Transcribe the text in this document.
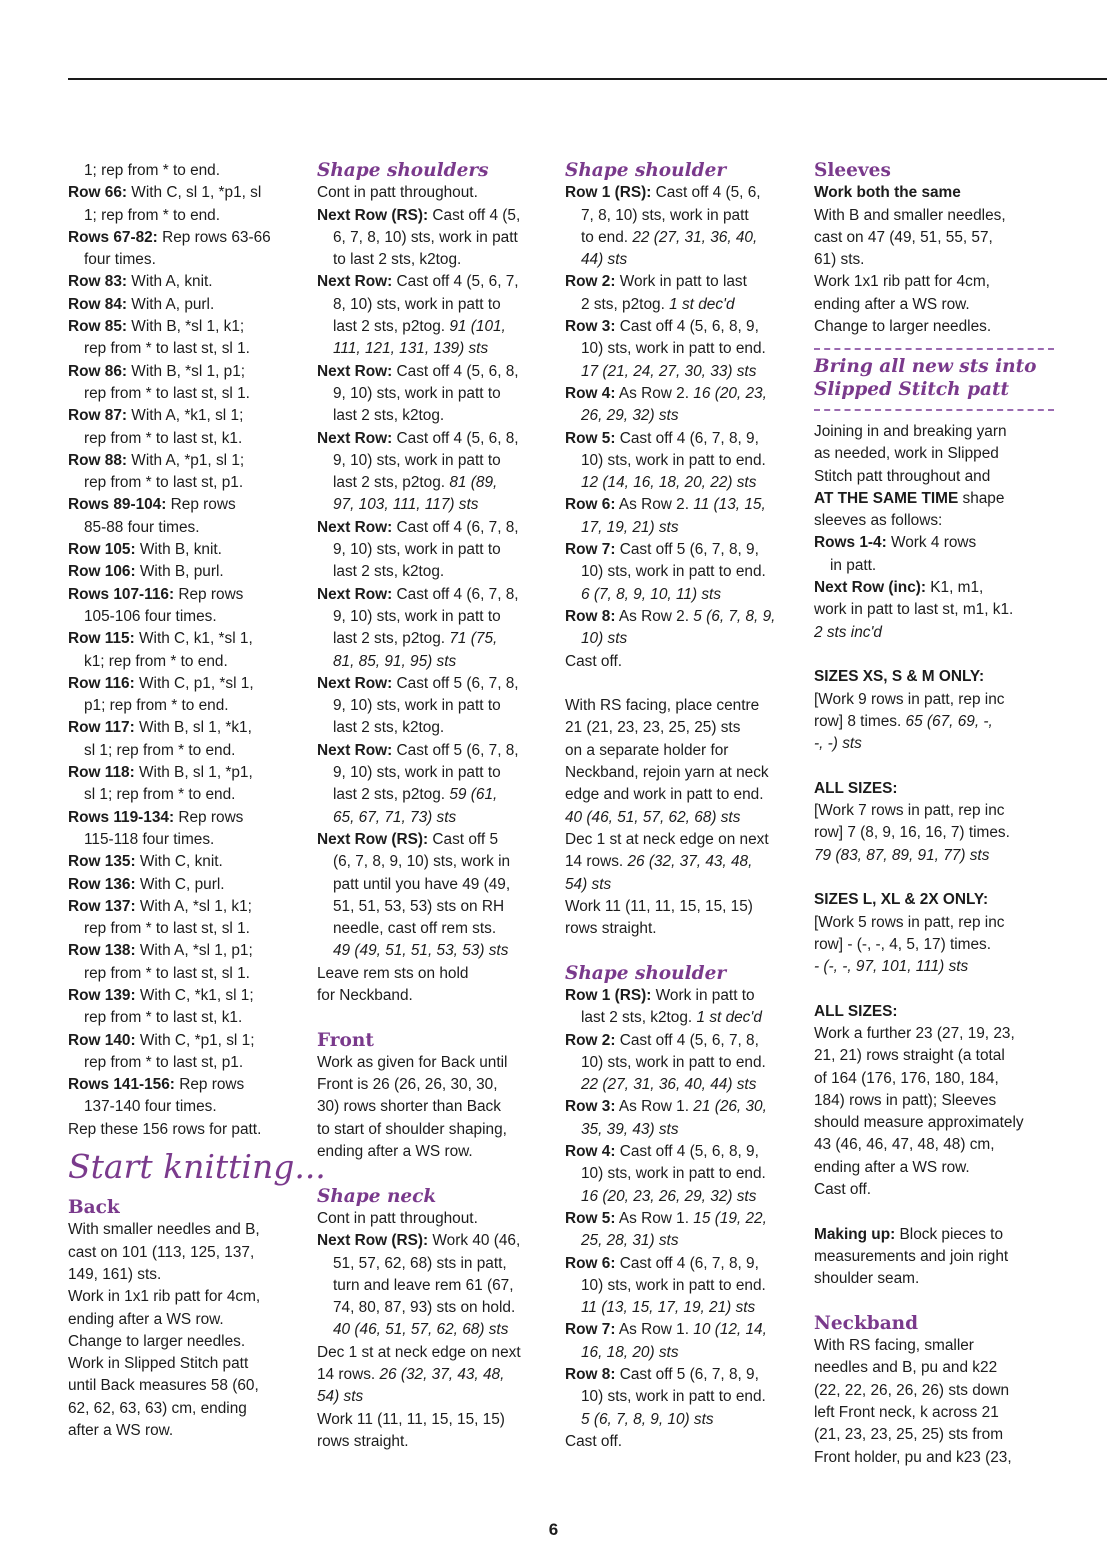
1; rep from * to end.
Row 66: With C, sl 1, *p1, sl
1; rep from * to end.
Rows 67-82: Rep rows 63-66
four times.
Row 83: With A, knit.
Row 84: With A, purl.
Row 85: With B, *sl 1, k1;
rep from * to last st, sl 1.
Row 86: With B, *sl 1, p1;
rep from * to last st, sl 1.
Row 87: With A, *k1, sl 1;
rep from * to last st, k1.
Row 88: With A, *p1, sl 1;
rep from * to last st, p1.
Rows 89-104: Rep rows
85-88 four times.
Row 105: With B, knit.
Row 106: With B, purl.
Rows 107-116: Rep rows
105-106 four times.
Row 115: With C, k1, *sl 1,
k1; rep from * to end.
Row 116: With C, p1, *sl 1,
p1; rep from * to end.
Row 117: With B, sl 1, *k1,
sl 1; rep from * to end.
Row 118: With B, sl 1, *p1,
sl 1; rep from * to end.
Rows 119-134: Rep rows
115-118 four times.
Row 135: With C, knit.
Row 136: With C, purl.
Row 137: With A, *sl 1, k1;
rep from * to last st, sl 1.
Row 138: With A, *sl 1, p1;
rep from * to last st, sl 1.
Row 139: With C, *k1, sl 1;
rep from * to last st, k1.
Row 140: With C, *p1, sl 1;
rep from * to last st, p1.
Rows 141-156: Rep rows
137-140 four times.
Rep these 156 rows for patt.
Start knitting...
Back
With smaller needles and B,
cast on 101 (113, 125, 137,
149, 161) sts.
Work in 1x1 rib patt for 4cm,
ending after a WS row.
Change to larger needles.
Work in Slipped Stitch patt
until Back measures 58 (60,
62, 62, 63, 63) cm, ending
after a WS row.
Shape shoulders
Cont in patt throughout.
Next Row (RS): Cast off 4 (5,
6, 7, 8, 10) sts, work in patt
to last 2 sts, k2tog.
Next Row: Cast off 4 (5, 6, 7,
8, 10) sts, work in patt to
last 2 sts, p2tog. 91 (101,
111, 121, 131, 139) sts
Next Row: Cast off 4 (5, 6, 8,
9, 10) sts, work in patt to
last 2 sts, k2tog.
Next Row: Cast off 4 (5, 6, 8,
9, 10) sts, work in patt to
last 2 sts, p2tog. 81 (89,
97, 103, 111, 117) sts
Next Row: Cast off 4 (6, 7, 8,
9, 10) sts, work in patt to
last 2 sts, k2tog.
Next Row: Cast off 4 (6, 7, 8,
9, 10) sts, work in patt to
last 2 sts, p2tog. 71 (75,
81, 85, 91, 95) sts
Next Row: Cast off 5 (6, 7, 8,
9, 10) sts, work in patt to
last 2 sts, k2tog.
Next Row: Cast off 5 (6, 7, 8,
9, 10) sts, work in patt to
last 2 sts, p2tog. 59 (61,
65, 67, 71, 73) sts
Next Row (RS): Cast off 5
(6, 7, 8, 9, 10) sts, work in
patt until you have 49 (49,
51, 51, 53, 53) sts on RH
needle, cast off rem sts.
49 (49, 51, 51, 53, 53) sts
Leave rem sts on hold
for Neckband.
Front
Work as given for Back until
Front is 26 (26, 26, 30, 30,
30) rows shorter than Back
to start of shoulder shaping,
ending after a WS row.
Shape neck
Cont in patt throughout.
Next Row (RS): Work 40 (46,
51, 57, 62, 68) sts in patt,
turn and leave rem 61 (67,
74, 80, 87, 93) sts on hold.
40 (46, 51, 57, 62, 68) sts
Dec 1 st at neck edge on next
14 rows. 26 (32, 37, 43, 48,
54) sts
Work 11 (11, 11, 15, 15, 15)
rows straight.
Shape shoulder
Row 1 (RS): Cast off 4 (5, 6,
7, 8, 10) sts, work in patt
to end. 22 (27, 31, 36, 40,
44) sts
Row 2: Work in patt to last
2 sts, p2tog. 1 st dec'd
Row 3: Cast off 4 (5, 6, 8, 9,
10) sts, work in patt to end.
17 (21, 24, 27, 30, 33) sts
Row 4: As Row 2. 16 (20, 23,
26, 29, 32) sts
Row 5: Cast off 4 (6, 7, 8, 9,
10) sts, work in patt to end.
12 (14, 16, 18, 20, 22) sts
Row 6: As Row 2. 11 (13, 15,
17, 19, 21) sts
Row 7: Cast off 5 (6, 7, 8, 9,
10) sts, work in patt to end.
6 (7, 8, 9, 10, 11) sts
Row 8: As Row 2. 5 (6, 7, 8, 9,
10) sts
Cast off.
With RS facing, place centre
21 (21, 23, 23, 25, 25) sts
on a separate holder for
Neckband, rejoin yarn at neck
edge and work in patt to end.
40 (46, 51, 57, 62, 68) sts
Dec 1 st at neck edge on next
14 rows. 26 (32, 37, 43, 48,
54) sts
Work 11 (11, 11, 15, 15, 15)
rows straight.
Shape shoulder
Row 1 (RS): Work in patt to
last 2 sts, k2tog. 1 st dec'd
Row 2: Cast off 4 (5, 6, 7, 8,
10) sts, work in patt to end.
22 (27, 31, 36, 40, 44) sts
Row 3: As Row 1. 21 (26, 30,
35, 39, 43) sts
Row 4: Cast off 4 (5, 6, 8, 9,
10) sts, work in patt to end.
16 (20, 23, 26, 29, 32) sts
Row 5: As Row 1. 15 (19, 22,
25, 28, 31) sts
Row 6: Cast off 4 (6, 7, 8, 9,
10) sts, work in patt to end.
11 (13, 15, 17, 19, 21) sts
Row 7: As Row 1. 10 (12, 14,
16, 18, 20) sts
Row 8: Cast off 5 (6, 7, 8, 9,
10) sts, work in patt to end.
5 (6, 7, 8, 9, 10) sts
Cast off.
Sleeves
Work both the same
With B and smaller needles,
cast on 47 (49, 51, 55, 57,
61) sts.
Work 1x1 rib patt for 4cm,
ending after a WS row.
Change to larger needles.
Bring all new sts into
Slipped Stitch patt
Joining in and breaking yarn
as needed, work in Slipped
Stitch patt throughout and
AT THE SAME TIME shape
sleeves as follows:
Rows 1-4: Work 4 rows
in patt.
Next Row (inc): K1, m1,
work in patt to last st, m1, k1.
2 sts inc'd
SIZES XS, S & M ONLY:
[Work 9 rows in patt, rep inc
row] 8 times. 65 (67, 69, -,
-, -) sts
ALL SIZES:
[Work 7 rows in patt, rep inc
row] 7 (8, 9, 16, 16, 7) times.
79 (83, 87, 89, 91, 77) sts
SIZES L, XL & 2X ONLY:
[Work 5 rows in patt, rep inc
row] - (-, -, 4, 5, 17) times.
- (-, -, 97, 101, 111) sts
ALL SIZES:
Work a further 23 (27, 19, 23,
21, 21) rows straight (a total
of 164 (176, 176, 180, 184,
184) rows in patt); Sleeves
should measure approximately
43 (46, 46, 47, 48, 48) cm,
ending after a WS row.
Cast off.
Making up: Block pieces to
measurements and join right
shoulder seam.
Neckband
With RS facing, smaller
needles and B, pu and k22
(22, 22, 26, 26, 26) sts down
left Front neck, k across 21
(21, 23, 23, 25, 25) sts from
Front holder, pu and k23 (23,
6
